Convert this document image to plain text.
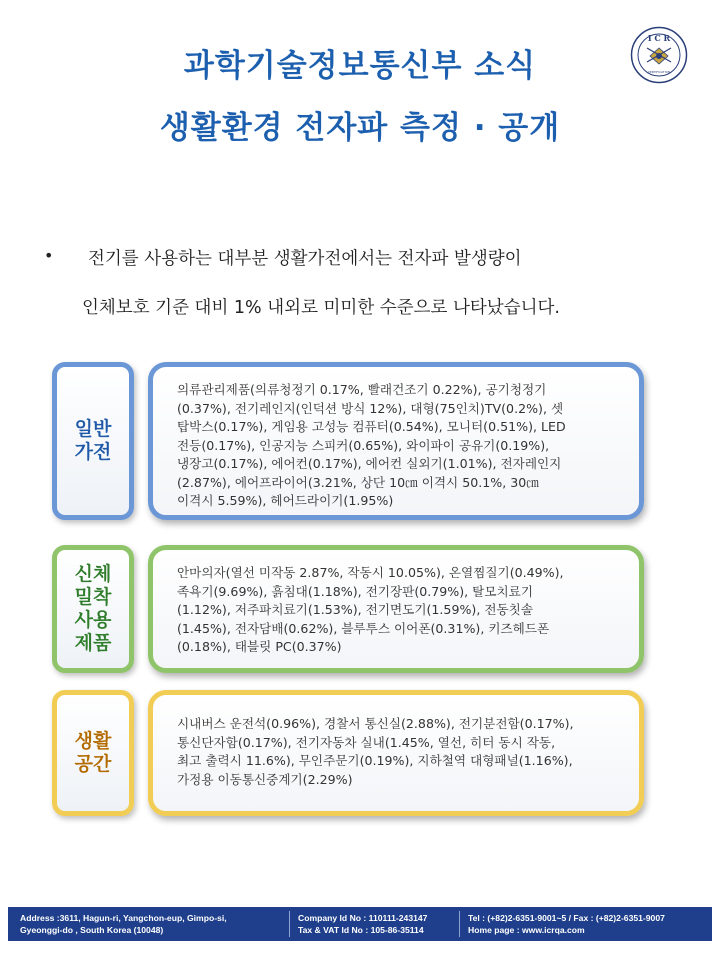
과학기술정보통신부 소식
생활환경 전자파 측정 · 공개
I C R
CERTIFICATION
• 전기를 사용하는 대부분 생활가전에서는 전자파 발생량이
인체보호 기준 대비 1% 내외로 미미한 수준으로 나타났습니다.
일반
가전
의류관리제품(의류청정기 0.17%, 빨래건조기 0.22%), 공기청정기
(0.37%), 전기레인지(인덕션 방식 12%), 대형(75인치)TV(0.2%), 셋
탑박스(0.17%), 게임용 고성능 컴퓨터(0.54%), 모니터(0.51%), LED
전등(0.17%), 인공지능 스피커(0.65%), 와이파이 공유기(0.19%),
냉장고(0.17%), 에어컨(0.17%), 에어컨 실외기(1.01%), 전자레인지
(2.87%), 에어프라이어(3.21%, 상단 10㎝ 이격시 50.1%, 30㎝
이격시 5.59%), 헤어드라이기(1.95%)
신체
밀착
사용
제품
안마의자(열선 미작동 2.87%, 작동시 10.05%), 온열찜질기(0.49%),
족욕기(9.69%), 흙침대(1.18%), 전기장판(0.79%), 탈모치료기
(1.12%), 저주파치료기(1.53%), 전기면도기(1.59%), 전동칫솔
(1.45%), 전자담배(0.62%), 블루투스 이어폰(0.31%), 키즈헤드폰
(0.18%), 태블릿 PC(0.37%)
생활
공간
시내버스 운전석(0.96%), 경찰서 통신실(2.88%), 전기분전함(0.17%),
통신단자함(0.17%), 전기자동차 실내(1.45%, 열선, 히터 동시 작동,
최고 출력시 11.6%), 무인주문기(0.19%), 지하철역 대형패널(1.16%),
가정용 이동통신중계기(2.29%)
Address :3611, Hagun-ri, Yangchon-eup, Gimpo-si,
Gyeonggi-do , South Korea (10048)
Company Id No : 110111-243147
Tax & VAT Id No : 105-86-35114
Tel : (+82)2-6351-9001~5 / Fax : (+82)2-6351-9007
Home page : www.icrqa.com
